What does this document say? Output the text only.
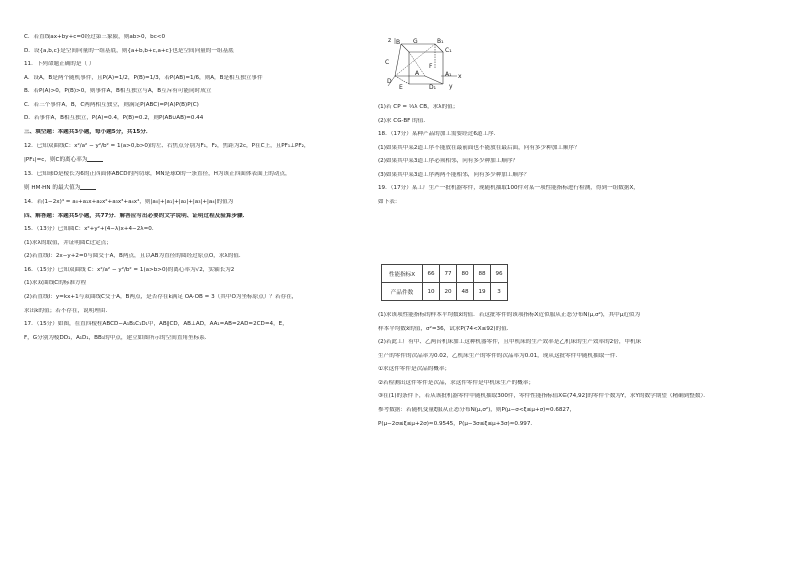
C．若直线ax+by+c=0经过第三象限，则ab>0，bc<0
D．设{a,b,c}是空间向量的一组基底，则{a+b,b+c,a+c}也是空间向量的一组基底
11．下列命题正确的是（ ）
A．设A，B是两个随机事件，且P(A)=1/2，P(B)=1/3，若P(AB)=1/6，则A，B是相互独立事件
B．若P(A)>0，P(B)>0，则事件A，B相互独立与A，B互斥有可能同时成立
C．若三个事件A，B，C两两相互独立，则满足P(ABC)=P(A)P(B)P(C)
D．若事件A，B相互独立，P(A)=0.4，P(B)=0.2，则P(AB̄∪ĀB)=0.44
三、填空题：本题共3小题，每小题5分，共15分．
12．已知双曲线C：x²/a² − y²/b² = 1(a>0,b>0)的左、右焦点分别为F₁，F₂，焦距为2c，P在C上，且PF₁⊥PF₂，
|PF₁|=c，则C的离心率为
13．已知球O是棱长为6的正四面体ABCD的内切球，MN是球O的一条直径，H为该正四面体表面上的动点，
则 HM·HN 的最大值为
14．若(1−2x)⁴ = a₀+a₁x+a₂x²+a₃x³+a₄x⁴，则|a₀|+|a₁|+|a₂|+|a₃|+|a₄|的值为
四、解答题：本题共5小题，共77分．解答应写出必要的文字说明、证明过程及验算步骤．
15．（13分）已知圆C：x²+y²+(4−λ)x+4−2λ=0．
(1)求λ的取值，并证明圆C过定点；
(2)若直线l：2x−y+2=0与圆交于A，B两点，且以AB为直径的圆经过原点O，求λ的值．
16．（15分）已知双曲线 C：x²/a² − y²/b² = 1(a>b>0)的离心率为√2，实轴长为2
(1)求双曲线C的标准方程
(2)若直线l：y=kx+1与双曲线C交于A，B两点，是否存在k满足 OA·OB = 3（其中O为坐标原点）？若存在，
求出k的值；若不存在，说明理由．
17．（15分）如图，在直四棱柱ABCD−A₁B₁C₁D₁中，AB∥CD，AB⊥AD，AA₁=AB=2AD=2CD=4，E，
F，G分别为棱DD₁，A₁D₁，BB₁的中点，建立如图所示的空间直角坐标系．
B G	B₁
C
F
C₁
A	A₁
D
E	D₁
z
x
y
(1)若 CP = ⅓λ CB，求λ的值；
(2)求 CG·BF 的值．
18．（17分）某种产品的加工需要经过6道工序．
(1)如果其中某2道工序不能放在最前面也不能放在最后面，问有多少种加工顺序？
(2)如果其中某3道工序必须相邻，问有多少种加工顺序？
(3)如果其中某3道工序两两不能相邻，问有多少种加工顺序？
19．（17分）某工厂生产一批机器零件，现随机抽取100件对某一项性能指标进行检测，得到一组数据X，
如下表：
性能指标X	66	77	80	88	96
产品件数	10	20	48	19	3
(1)求该项性能指标的样本平均数x̄的值．若这批零件的该项指标X近似服从正态分布N(μ,σ²)，其中μ近似为
样本平均数x̄的值，σ²=36，试求P(74<X≤92)的值．
(2)若此工厂有甲、乙两台机床加工这种机器零件，且甲机床的生产效率是乙机床的生产效率的2倍，甲机床
生产的零件的次品率为0.02，乙机床生产的零件的次品率为0.01，现从这批零件中随机抽取一件．
①求这件零件是次品的概率；
②若检测出这件零件是次品，求这件零件是甲机床生产的概率；
③在(1)的条件下，若从该批机器零件中随机抽取300件，零件性能指标值X∈(74,92]的零件个数为Y，求Y的数学期望（精确到整数）．
参考数据：若随机变量ξ服从正态分布N(μ,σ²)，则P(μ−σ<ξ≤μ+σ)≈0.6827，
P(μ−2σ≤ξ≤μ+2σ)≈0.9545，P(μ−3σ≤ξ≤μ+3σ)≈0.997．
